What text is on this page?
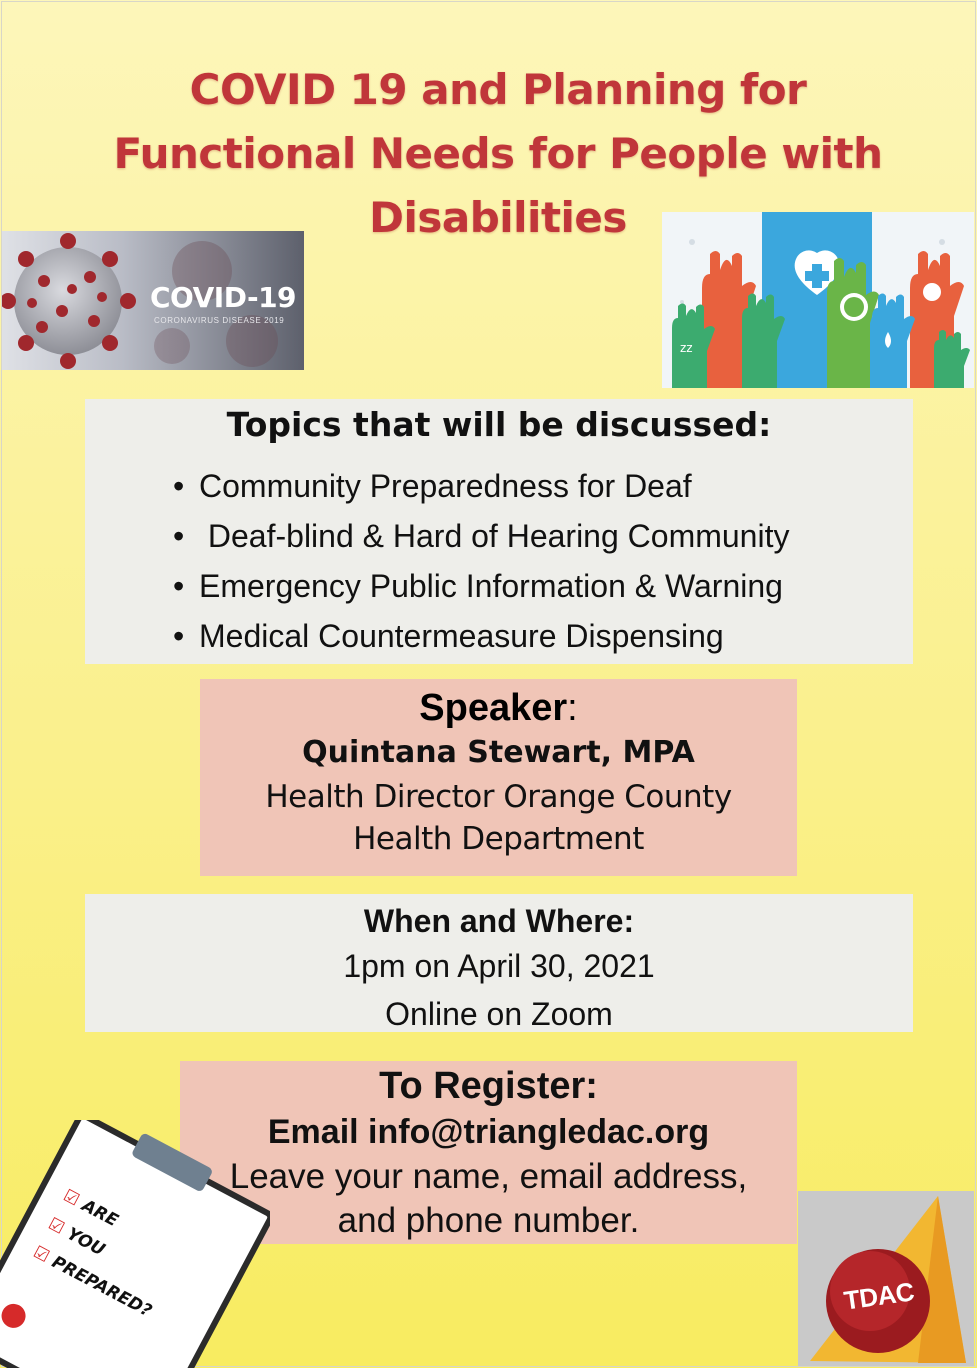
COVID 19 and Planning for
Functional Needs for People with
Disabilities
COVID-19
CORONAVIRUS DISEASE 2019
zz
Topics that will be discussed:
• Community Preparedness for Deaf
• Deaf-blind & Hard of Hearing Community
• Emergency Public Information & Warning
• Medical Countermeasure Dispensing
Speaker:
Quintana Stewart, MPA
Health Director Orange County
Health Department
When and Where:
1pm on April 30, 2021
Online on Zoom
To Register:
Email info@triangledac.org
Leave your name, email address,
and phone number.
☑ ARE
☑ YOU
☑ PREPARED?	TDAC
